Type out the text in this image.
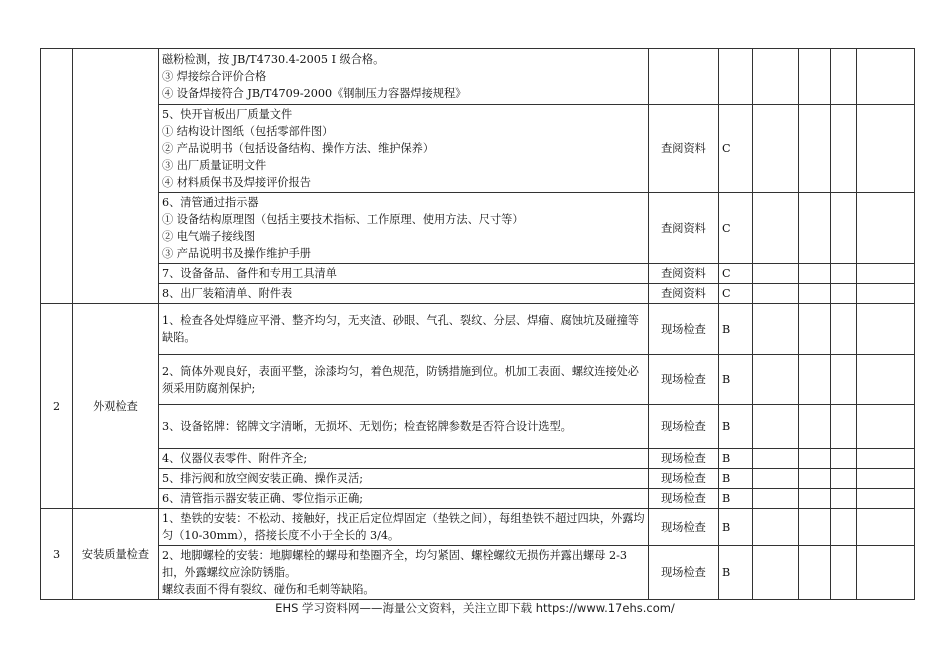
		磁粉检测，按 JB/T4730.4-2005 Ⅰ 级合格。
③ 焊接综合评价合格
④ 设备焊接符合 JB/T4709-2000《钢制压力容器焊接规程》						

		5、快开盲板出厂质量文件
① 结构设计图纸（包括零部件图）
② 产品说明书（包括设备结构、操作方法、维护保养）
③ 出厂质量证明文件
④ 材料质保书及焊接评价报告	查阅资料	C				

		6、清管通过指示器
① 设备结构原理图（包括主要技术指标、工作原理、使用方法、尺寸等）
② 电气端子接线图
③ 产品说明书及操作维护手册	查阅资料	C				

		7、设备备品、备件和专用工具清单	查阅资料	C				

		8、出厂装箱清单、附件表	查阅资料	C				
2	外观检查	1、检查各处焊缝应平滑、整齐均匀，无夹渣、砂眼、气孔、裂纹、分层、焊瘤、腐蚀坑及碰撞等缺陷。	现场检查	B				

		2、筒体外观良好，表面平整，涂漆均匀，着色规范，防锈措施到位。机加工表面、螺纹连接处必须采用防腐剂保护;	现场检查	B				

		3、设备铭牌：铭牌文字清晰，无损坏、无划伤；检查铭牌参数是否符合设计选型。	现场检查	B				

		4、仪器仪表零件、附件齐全;	现场检查	B				

		5、排污阀和放空阀安装正确、操作灵活;	现场检查	B				

		6、清管指示器安装正确、零位指示正确;	现场检查	B				
3	安装质量检查	1、垫铁的安装：不松动、接触好，找正后定位焊固定（垫铁之间），每组垫铁不超过四块，外露均匀（10-30mm），搭接长度不小于全长的 3/4。	现场检查	B				

		2、地脚螺栓的安装：地脚螺栓的螺母和垫圈齐全，均匀紧固、螺栓螺纹无损伤并露出螺母 2-3 扣，外露螺纹应涂防锈脂。
螺纹表面不得有裂纹、碰伤和毛刺等缺陷。	现场检查	B				
EHS 学习资料网——海量公文资料，关注立即下载 https://www.17ehs.com/
